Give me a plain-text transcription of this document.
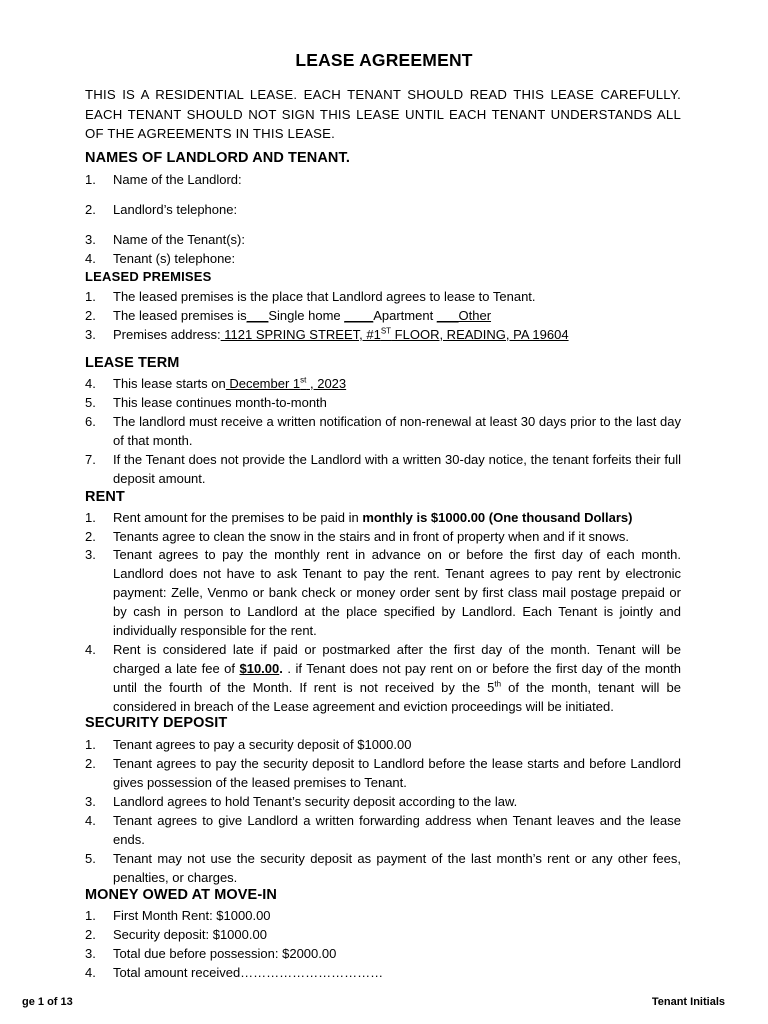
LEASE AGREEMENT
THIS IS A RESIDENTIAL LEASE. EACH TENANT SHOULD READ THIS LEASE CAREFULLY. EACH TENANT SHOULD NOT SIGN THIS LEASE UNTIL EACH TENANT UNDERSTANDS ALL OF THE AGREEMENTS IN THIS LEASE.
NAMES OF LANDLORD AND TENANT.
1.	Name of the Landlord:
2.	Landlord’s telephone:
3.	Name of the Tenant(s):
4.	Tenant (s) telephone:
LEASED PREMISES
1.	The leased premises is the place that Landlord agrees to lease to Tenant.
2.	The leased premises is___Single home ____Apartment ___Other
3.	Premises address: 1121 SPRING STREET, #1ST FLOOR, READING, PA 19604
LEASE TERM
4.	This lease starts on December 1st , 2023
5.	This lease continues month-to-month
6.	The landlord must receive a written notification of non-renewal at least 30 days prior to the last day of that month.
7.	If the Tenant does not provide the Landlord with a written 30-day notice, the tenant forfeits their full deposit amount.
RENT
1.	Rent amount for the premises to be paid in monthly is $1000.00 (One thousand Dollars)
2.	Tenants agree to clean the snow in the stairs and in front of property when and if it snows.
3.	Tenant agrees to pay the monthly rent in advance on or before the first day of each month. Landlord does not have to ask Tenant to pay the rent. Tenant agrees to pay rent by electronic payment: Zelle, Venmo or bank check or money order sent by first class mail postage prepaid or by cash in person to Landlord at the place specified by Landlord. Each Tenant is jointly and individually responsible for the rent.
4.	Rent is considered late if paid or postmarked after the first day of the month. Tenant will be charged a late fee of $10.00. . if Tenant does not pay rent on or before the first day of the month until the fourth of the Month. If rent is not received by the 5th of the month, tenant will be considered in breach of the Lease agreement and eviction proceedings will be initiated.
SECURITY DEPOSIT
1.	Tenant agrees to pay a security deposit of $1000.00
2.	Tenant agrees to pay the security deposit to Landlord before the lease starts and before Landlord gives possession of the leased premises to Tenant.
3.	Landlord agrees to hold Tenant’s security deposit according to the law.
4.	Tenant agrees to give Landlord a written forwarding address when Tenant leaves and the lease ends.
5.	Tenant may not use the security deposit as payment of the last month’s rent or any other fees, penalties, or charges.
MONEY OWED AT MOVE-IN
1.	First Month Rent: $1000.00
2.	Security deposit: $1000.00
3.	Total due before possession: $2000.00
4.	Total amount received……………………………
ge 1 of 13	Tenant Initials
